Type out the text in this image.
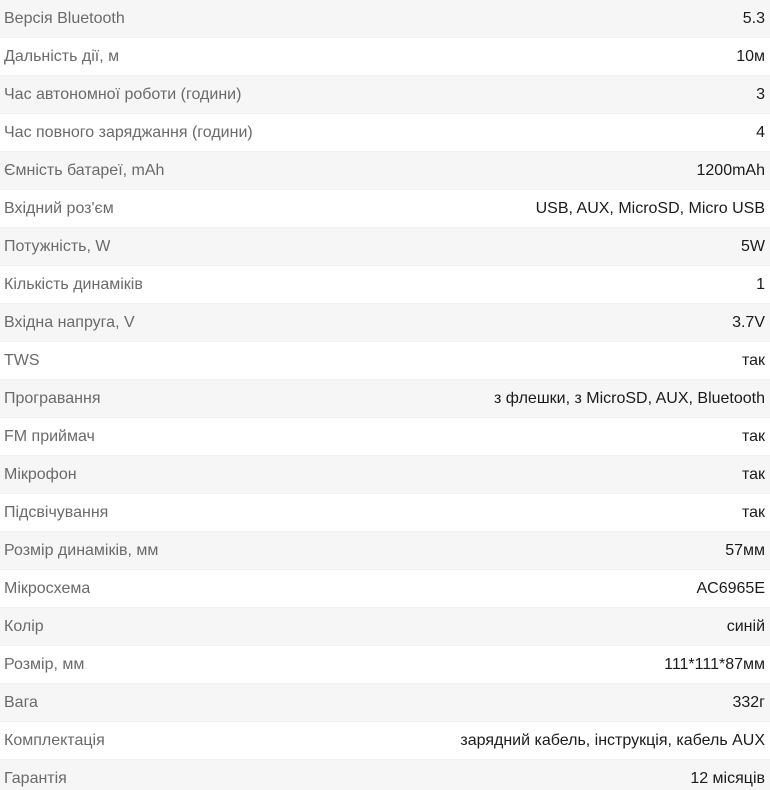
Версія Bluetooth	5.3
Дальність дії, м	10м
Час автономної роботи (години)	3
Час повного заряджання (години)	4
Ємність батареї, mAh	1200mAh
Вхідний роз'єм	USB, AUX, MicroSD, Micro USB
Потужність, W	5W
Кількість динаміків	1
Вхідна напруга, V	3.7V
TWS	так
Програвання	з флешки, з MicroSD, AUX, Bluetooth
FM приймач	так
Мікрофон	так
Підсвічування	так
Розмір динаміків, мм	57мм
Мікросхема	AC6965E
Колір	синій
Розмір, мм	111*111*87мм
Вага	332г
Комплектація	зарядний кабель, інструкція, кабель AUX
Гарантія	12 місяців
